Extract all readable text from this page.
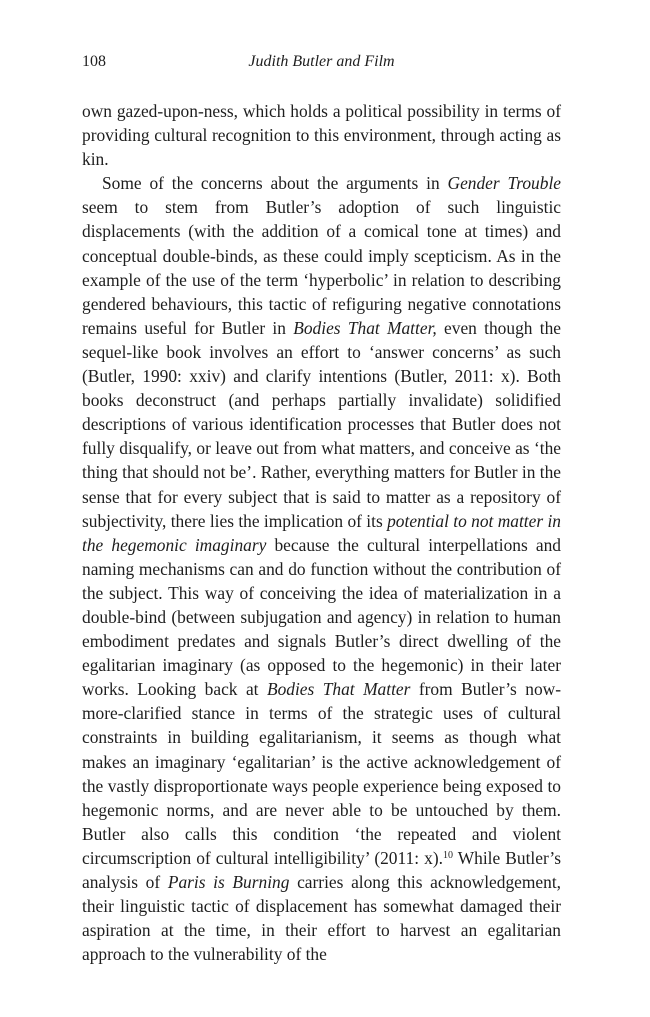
108	Judith Butler and Film

own gazed-upon-ness, which holds a political possibility in terms of providing cultural recognition to this environment, through acting as kin.

Some of the concerns about the arguments in Gender Trouble seem to stem from Butler’s adoption of such linguistic displacements (with the addition of a comical tone at times) and conceptual double-binds, as these could imply scepticism. As in the example of the use of the term ‘hyperbolic’ in relation to describing gendered behaviours, this tactic of refiguring negative connotations remains useful for Butler in Bodies That Matter, even though the sequel-like book involves an effort to ‘answer concerns’ as such (Butler, 1990: xxiv) and clarify intentions (Butler, 2011: x). Both books deconstruct (and perhaps partially invalidate) solidified descriptions of various identification processes that Butler does not fully disqualify, or leave out from what matters, and conceive as ‘the thing that should not be’. Rather, everything matters for Butler in the sense that for every subject that is said to matter as a repository of subjectivity, there lies the implication of its potential to not matter in the hegemonic imaginary because the cultural interpellations and naming mechanisms can and do function without the contribution of the subject. This way of conceiving the idea of materialization in a double-bind (between subjugation and agency) in relation to human embodiment predates and signals Butler’s direct dwelling of the egalitarian imaginary (as opposed to the hegemonic) in their later works. Looking back at Bodies That Matter from Butler’s now-more-clarified stance in terms of the strategic uses of cultural constraints in building egalitarianism, it seems as though what makes an imaginary ‘egalitarian’ is the active acknowledgement of the vastly disproportionate ways people experience being exposed to hegemonic norms, and are never able to be untouched by them. Butler also calls this condition ‘the repeated and violent circumscription of cultural intelligibility’ (2011: x).$^{10}$ While Butler’s analysis of Paris is Burning carries along this acknowledgement, their linguistic tactic of displacement has somewhat damaged their aspiration at the time, in their effort to harvest an egalitarian approach to the vulnerability of the
